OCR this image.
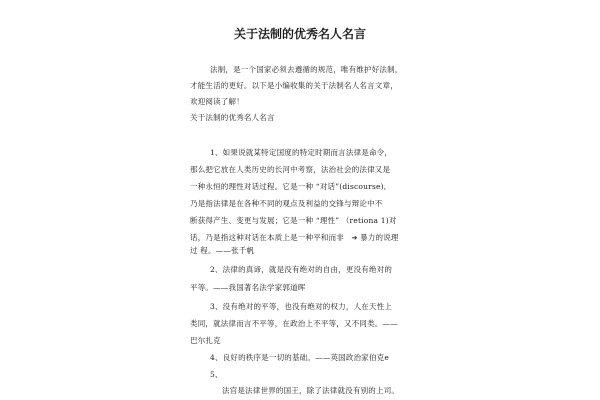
关于法制的优秀名人名言
法制，是一个国家必须去遵循的规范，唯有维护好法制，
才能生活的更好。以下是小编收集的关于法制名人名言文章，
欢迎阅读了解！
关于法制的优秀名人名言
1、如果说就某特定国度的特定时期而言法律是命令，
那么把它放在人类历史的长河中考察，法治社会的法律又是
一种永恒的理性对话过程。它是一种 “对话”(discourse),
乃是指法律是在各种不同的观点及利益的交锋与辩论中不
断获得产生、变更与发展；它是一种 “理性” （retiona 1)对
话，乃是指这种对话在本质上是一种平和而非   ➔ 暴力的说理
过 程。——张千帆
2、法律的真谛，就是没有绝对的自由，更没有绝对的
平等。——我国著名法学家郭道晖
3、没有绝对的平等，也没有绝对的权力，人在天性上
类同，就法律而言不平等，在政治上不平等，又不同类。——
巴尔扎克
4、良好的秩序是一切的基础。——英国政治家伯克e
5、
法官是法律世界的国王，除了法律就没有别的上司。
